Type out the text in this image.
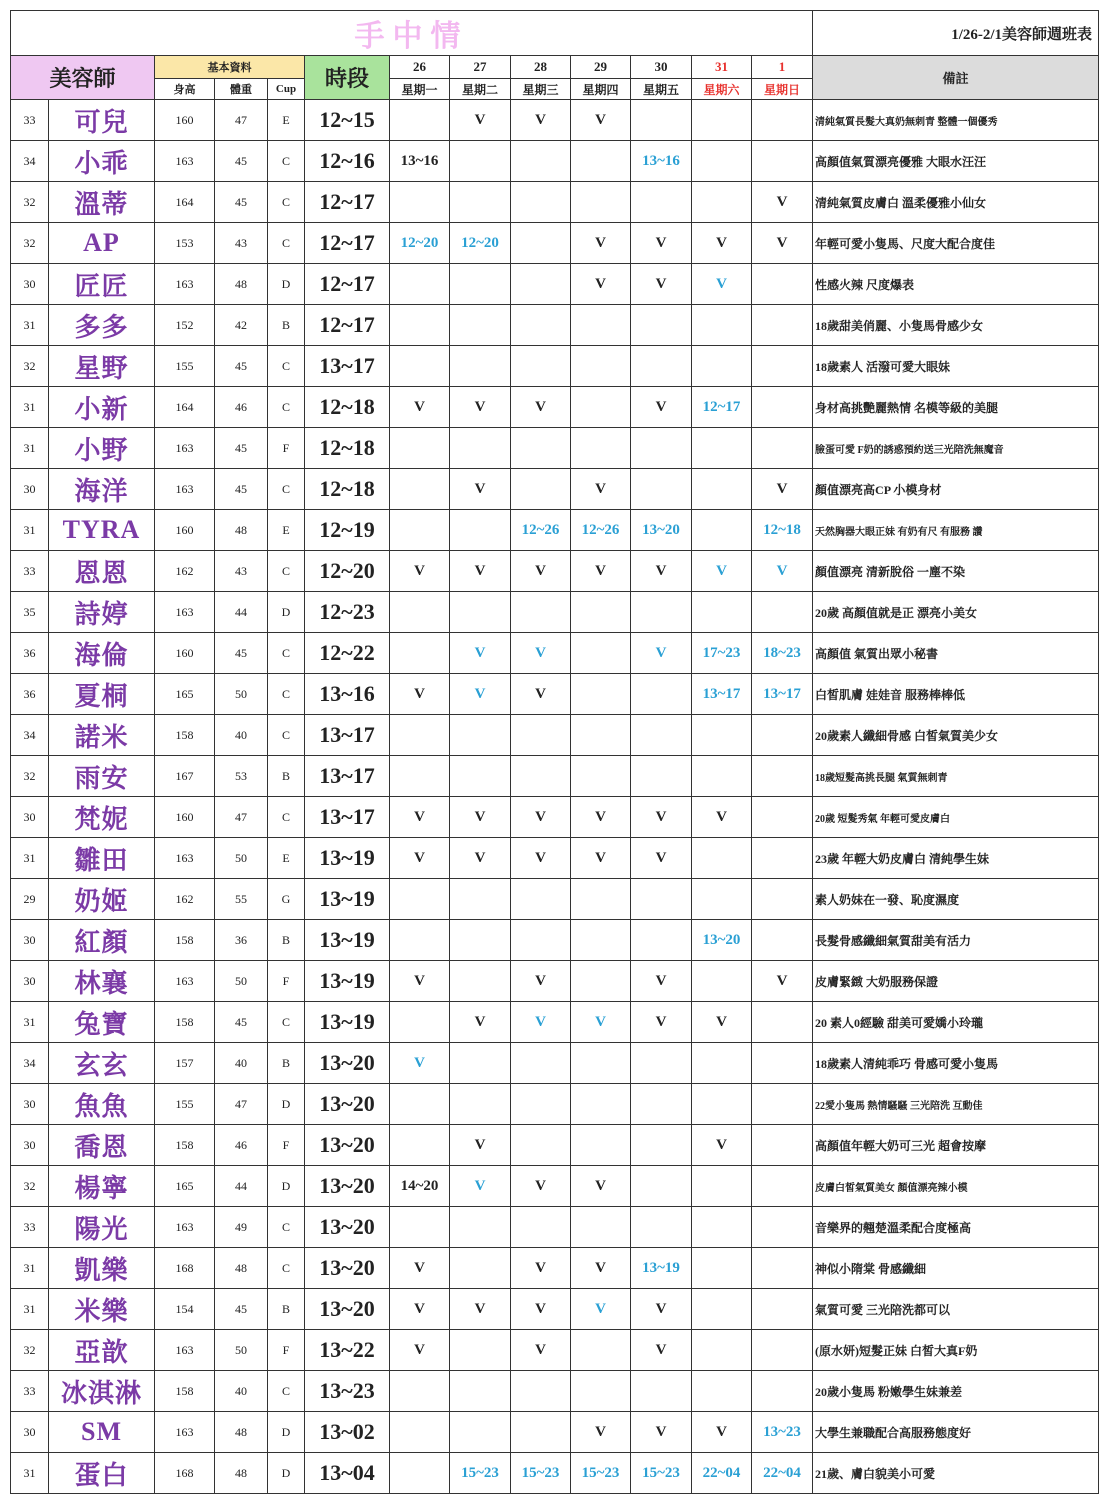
手中情													1/26-2/1美容師週班表
美容師		基本資料			時段	26	27	28	29	30	31	1	備註
		身高	體重	Cup		星期一	星期二	星期三	星期四	星期五	星期六	星期日	
33	可兒	160	47	E	12~15		V	V	V				清純氣質長髮大真奶無刺青 整體一個優秀
34	小乖	163	45	C	12~16	13~16				13~16			高顏值氣質漂亮優雅 大眼水汪汪
32	溫蒂	164	45	C	12~17							V	清純氣質皮膚白 溫柔優雅小仙女
32	AP	153	43	C	12~17	12~20	12~20		V	V	V	V	年輕可愛小隻馬、尺度大配合度佳
30	匠匠	163	48	D	12~17				V	V	V		性感火辣 尺度爆表
31	多多	152	42	B	12~17								18歲甜美俏麗、小隻馬骨感少女
32	星野	155	45	C	13~17								18歲素人 活潑可愛大眼妹
31	小新	164	46	C	12~18	V	V	V		V	12~17		身材高挑艷麗熱情 名模等級的美腿
31	小野	163	45	F	12~18								臉蛋可愛 F奶的誘惑預約送三光陪洗無魔音
30	海洋	163	45	C	12~18		V		V			V	顏值漂亮高CP 小模身材
31	TYRA	160	48	E	12~19			12~26	12~26	13~20		12~18	天然胸器大眼正妹 有奶有尺 有服務 讚
33	恩恩	162	43	C	12~20	V	V	V	V	V	V	V	顏值漂亮 清新脫俗 一塵不染
35	詩婷	163	44	D	12~23								20歲 高顏值就是正 漂亮小美女
36	海倫	160	45	C	12~22		V	V		V	17~23	18~23	高顏值 氣質出眾小秘書
36	夏桐	165	50	C	13~16	V	V	V			13~17	13~17	白皙肌膚 娃娃音 服務棒棒低
34	諾米	158	40	C	13~17								20歲素人纖細骨感 白皙氣質美少女
32	雨安	167	53	B	13~17								18歲短髮高挑長腿 氣質無刺青
30	梵妮	160	47	C	13~17	V	V	V	V	V	V		20歲 短髮秀氣 年輕可愛皮膚白
31	雛田	163	50	E	13~19	V	V	V	V	V			23歲 年輕大奶皮膚白 清純學生妹
29	奶姬	162	55	G	13~19								素人奶妹在一發、恥度濕度
30	紅顏	158	36	B	13~19						13~20		長髮骨感纖細氣質甜美有活力
30	林襄	163	50	F	13~19	V		V		V		V	皮膚緊緻 大奶服務保證
31	兔寶	158	45	C	13~19		V	V	V	V	V		20 素人0經驗 甜美可愛嬌小玲瓏
34	玄玄	157	40	B	13~20	V							18歲素人清純乖巧 骨感可愛小隻馬
30	魚魚	155	47	D	13~20								22愛小隻馬 熱情騷騷 三光陪洗 互動佳
30	喬恩	158	46	F	13~20		V				V		高顏值年輕大奶可三光 超會按摩
32	楊寧	165	44	D	13~20	14~20	V	V	V				皮膚白皙氣質美女 顏值漂亮辣小模
33	陽光	163	49	C	13~20								音樂界的翹楚溫柔配合度極高
31	凱樂	168	48	C	13~20	V		V	V	13~19			神似小隋棠 骨感纖細
31	米樂	154	45	B	13~20	V	V	V	V	V			氣質可愛 三光陪洗都可以
32	亞歆	163	50	F	13~22	V		V		V			(原水妍)短髮正妹 白皙大真F奶
33	冰淇淋	158	40	C	13~23								20歲小隻馬 粉嫩學生妹兼差
30	SM	163	48	D	13~02				V	V	V	13~23	大學生兼職配合高服務態度好
31	蛋白	168	48	D	13~04		15~23	15~23	15~23	15~23	22~04	22~04	21歲、膚白貌美小可愛
